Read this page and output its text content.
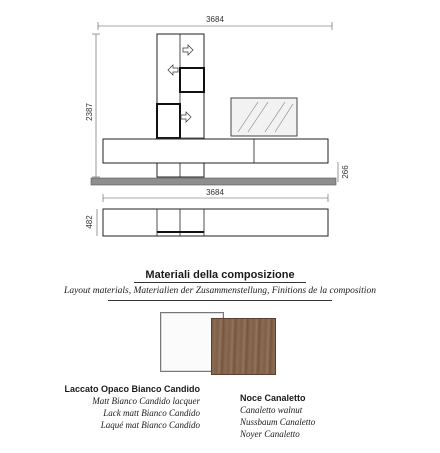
3684
2387
266
3684
482
Materiali della composizione
Layout materials, Materialien der Zusammenstellung, Finitions de la composition
Laccato Opaco Bianco Candido
Matt Bianco Candido lacquer
Lack matt Bianco Candido
Laqué mat Bianco Candido
Noce Canaletto
Canaletto walnut
Nussbaum Canaletto
Noyer Canaletto
